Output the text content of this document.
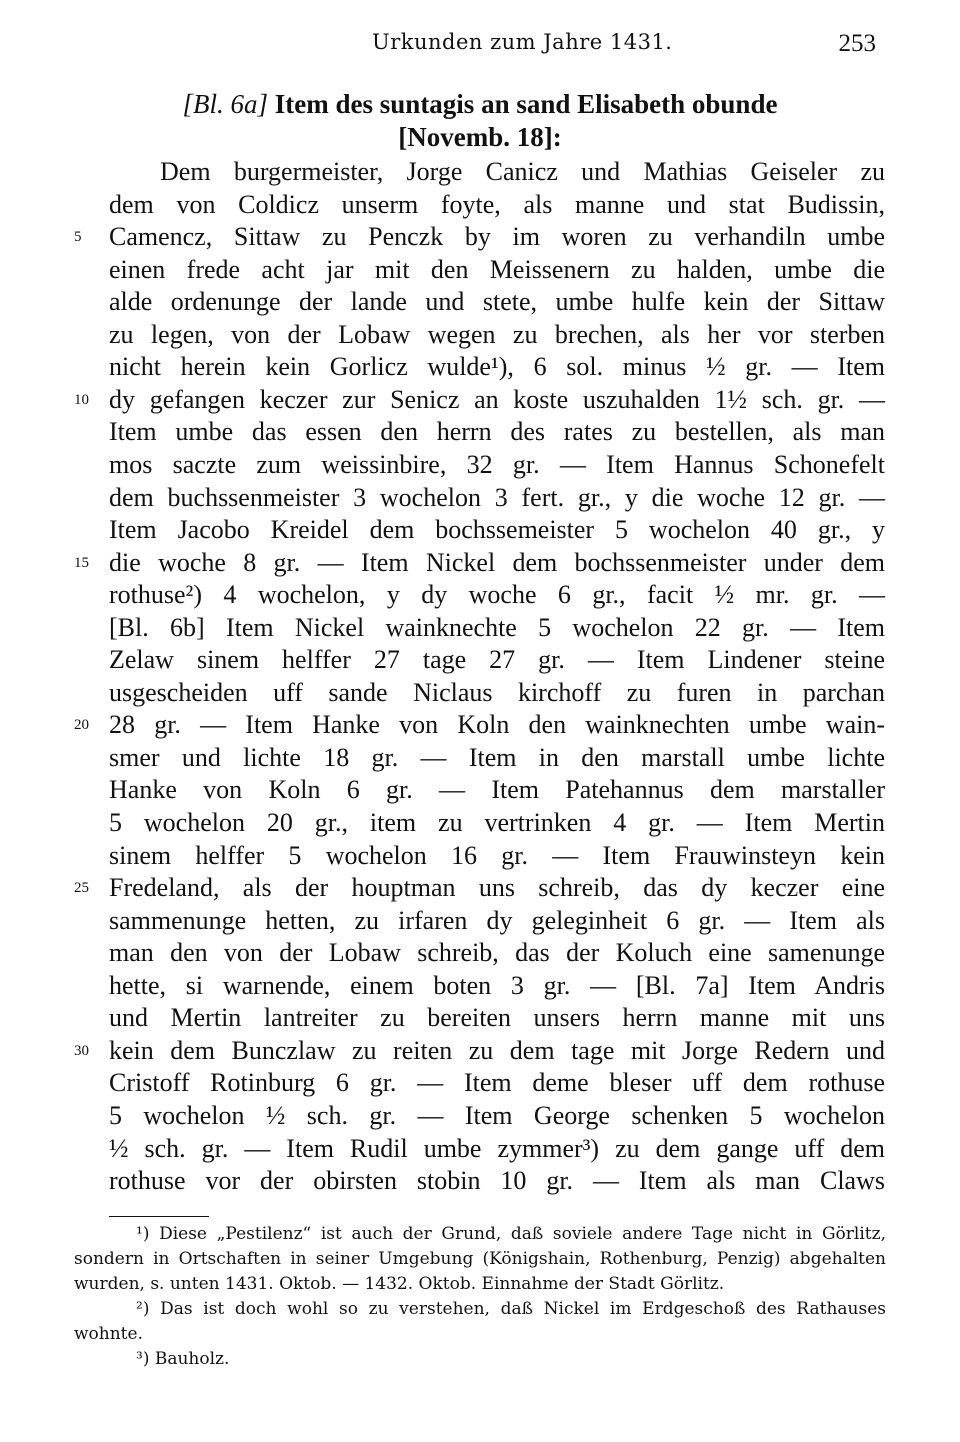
Urkunden zum Jahre 1431.	253
[Bl. 6a] Item des suntagis an sand Elisabeth obunde
[Novemb. 18]:
Dem burgermeister, Jorge Canicz und Mathias Geiseler zu
dem von Coldicz unserm foyte, als manne und stat Budissin,
5	Camencz, Sittaw zu Penczk by im woren zu verhandiln umbe
einen frede acht jar mit den Meissenern zu halden, umbe die
alde ordenunge der lande und stete, umbe hulfe kein der Sittaw
zu legen, von der Lobaw wegen zu brechen, als her vor sterben
nicht herein kein Gorlicz wulde¹), 6 sol. minus ½ gr. — Item
10 dy gefangen keczer zur Senicz an koste uszuhalden 1½ sch. gr. —
Item umbe das essen den herrn des rates zu bestellen, als man
mos saczte zum weissinbire, 32 gr. — Item Hannus Schonefelt
dem buchssenmeister 3 wochelon 3 fert. gr., y die woche 12 gr. —
Item Jacobo Kreidel dem bochssemeister 5 wochelon 40 gr., y
15 die woche 8 gr. — Item Nickel dem bochssenmeister under dem
rothuse²) 4 wochelon, y dy woche 6 gr., facit ½ mr. gr. —
[Bl. 6b] Item Nickel wainknechte 5 wochelon 22 gr. — Item
Zelaw sinem helffer 27 tage 27 gr. — Item Lindener steine
usgescheiden uff sande Niclaus kirchoff zu furen in parchan
20 28 gr. — Item Hanke von Koln den wainknechten umbe wain-
smer und lichte 18 gr. — Item in den marstall umbe lichte
Hanke von Koln 6 gr. — Item Patehannus dem marstaller
5 wochelon 20 gr., item zu vertrinken 4 gr. — Item Mertin
sinem helffer 5 wochelon 16 gr. — Item Frauwinsteyn kein
25 Fredeland, als der houptman uns schreib, das dy keczer eine
sammenunge hetten, zu irfaren dy geleginheit 6 gr. — Item als
man den von der Lobaw schreib, das der Koluch eine samenunge
hette, si warnende, einem boten 3 gr. — [Bl. 7a] Item Andris
und Mertin lantreiter zu bereiten unsers herrn manne mit uns
30 kein dem Bunczlaw zu reiten zu dem tage mit Jorge Redern und
Cristoff Rotinburg 6 gr. — Item deme bleser uff dem rothuse
5 wochelon ½ sch. gr. — Item George schenken 5 wochelon
½ sch. gr. — Item Rudil umbe zymmer³) zu dem gange uff dem
rothuse vor der obirsten stobin 10 gr. — Item als man Claws
¹) Diese „Pestilenz“ ist auch der Grund, daß soviele andere Tage nicht in Görlitz,
sondern in Ortschaften in seiner Umgebung (Königshain, Rothenburg, Penzig) abgehalten
wurden, s. unten 1431. Oktob. — 1432. Oktob. Einnahme der Stadt Görlitz.
²) Das ist doch wohl so zu verstehen, daß Nickel im Erdgeschoß des Rathauses
wohnte.
³) Bauholz.
